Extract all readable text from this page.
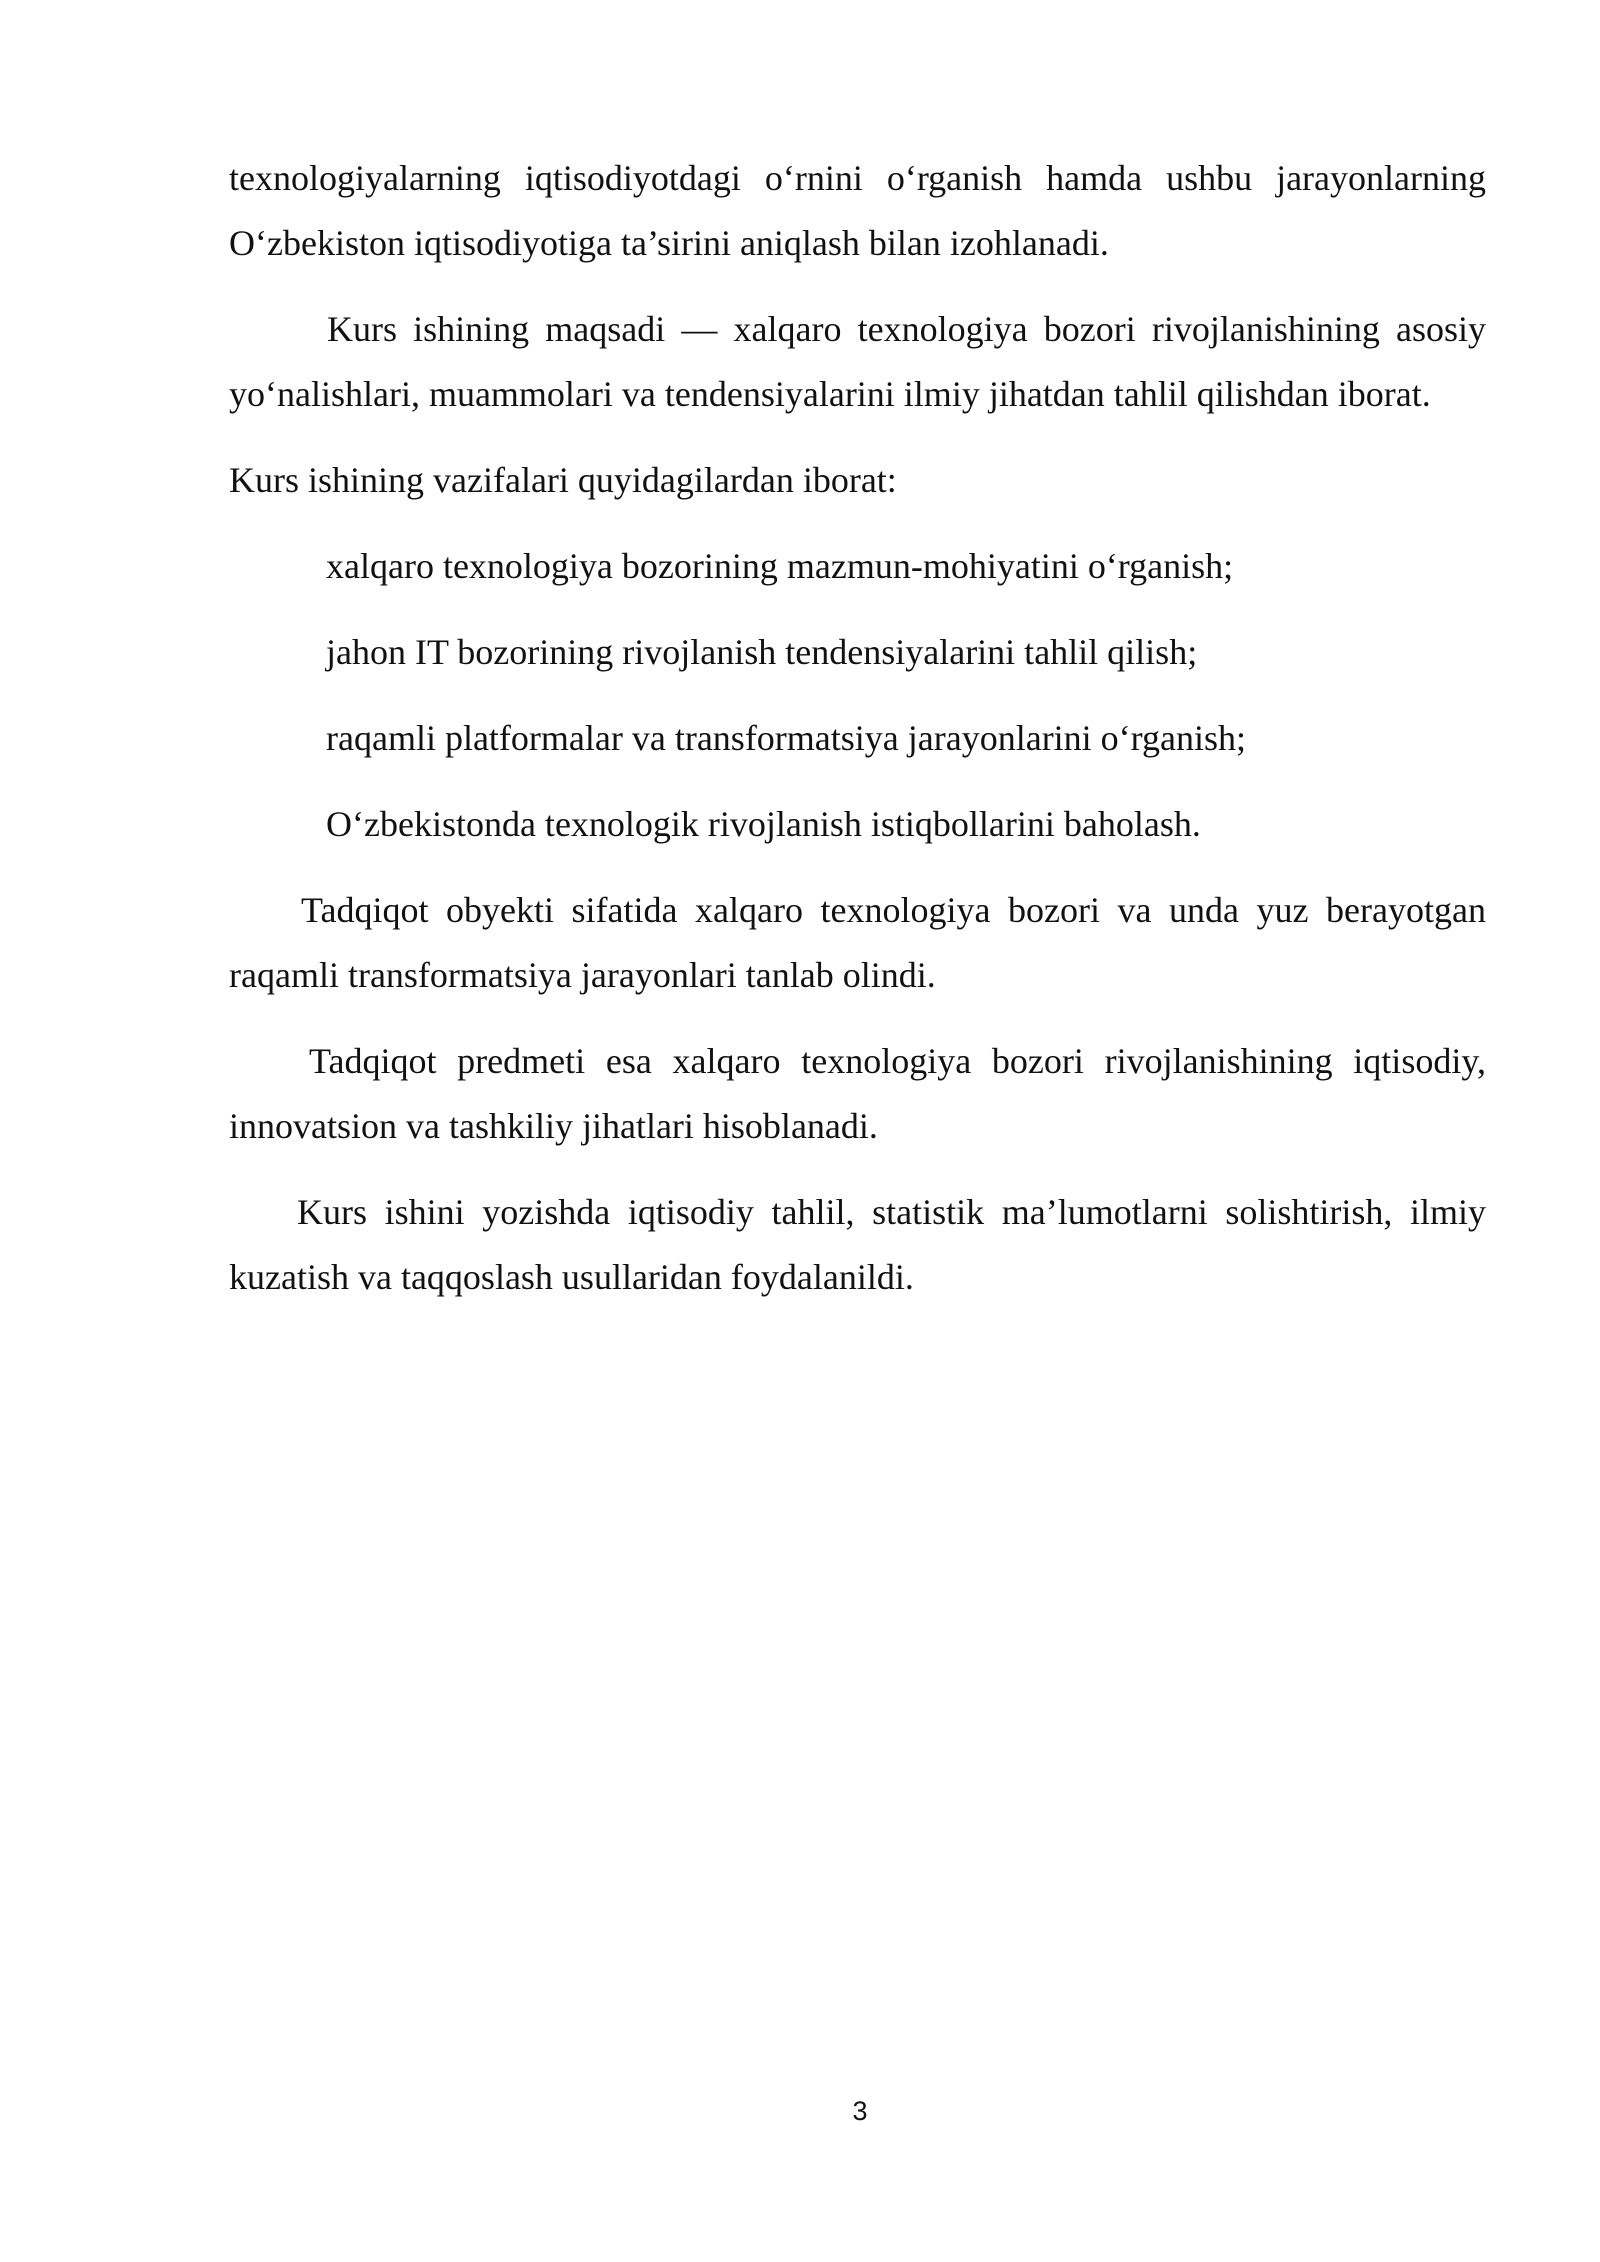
texnologiyalarning iqtisodiyotdagi o‘rnini o‘rganish hamda ushbu jarayonlarning O‘zbekiston iqtisodiyotiga ta’sirini aniqlash bilan izohlanadi.

Kurs ishining maqsadi — xalqaro texnologiya bozori rivojlanishining asosiy yo‘nalishlari, muammolari va tendensiyalarini ilmiy jihatdan tahlil qilishdan iborat.

Kurs ishining vazifalari quyidagilardan iborat:

xalqaro texnologiya bozorining mazmun-mohiyatini o‘rganish;

jahon IT bozorining rivojlanish tendensiyalarini tahlil qilish;

raqamli platformalar va transformatsiya jarayonlarini o‘rganish;

O‘zbekistonda texnologik rivojlanish istiqbollarini baholash.

Tadqiqot obyekti sifatida xalqaro texnologiya bozori va unda yuz berayotgan raqamli transformatsiya jarayonlari tanlab olindi.

Tadqiqot predmeti esa xalqaro texnologiya bozori rivojlanishining iqtisodiy, innovatsion va tashkiliy jihatlari hisoblanadi.

Kurs ishini yozishda iqtisodiy tahlil, statistik ma’lumotlarni solishtirish, ilmiy kuzatish va taqqoslash usullaridan foydalanildi.

3
